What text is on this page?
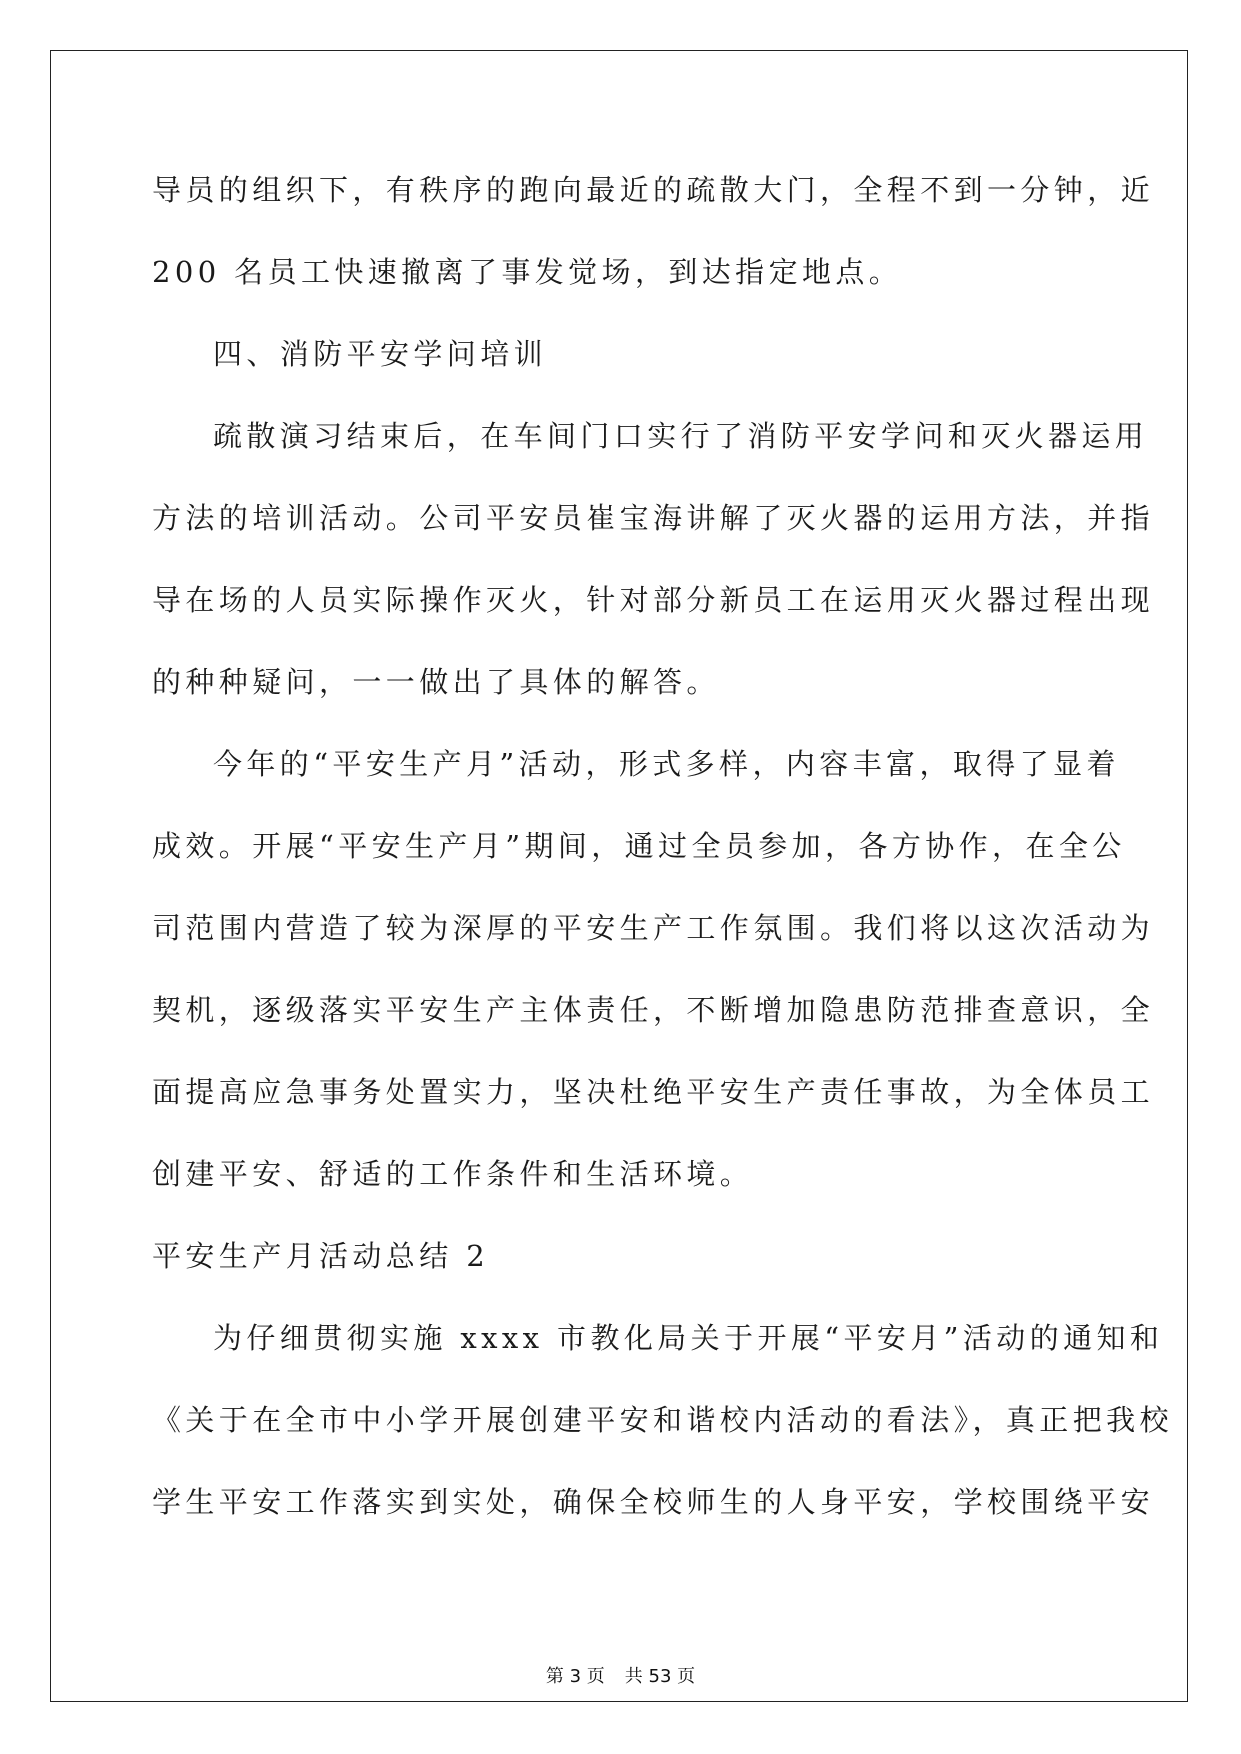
导员的组织下，有秩序的跑向最近的疏散大门，全程不到一分钟，近
200 名员工快速撤离了事发觉场，到达指定地点。
四、消防平安学问培训
疏散演习结束后，在车间门口实行了消防平安学问和灭火器运用
方法的培训活动。公司平安员崔宝海讲解了灭火器的运用方法，并指
导在场的人员实际操作灭火，针对部分新员工在运用灭火器过程出现
的种种疑问，一一做出了具体的解答。
今年的“平安生产月”活动，形式多样，内容丰富，取得了显着
成效。开展“平安生产月”期间，通过全员参加，各方协作，在全公
司范围内营造了较为深厚的平安生产工作氛围。我们将以这次活动为
契机，逐级落实平安生产主体责任，不断增加隐患防范排查意识，全
面提高应急事务处置实力，坚决杜绝平安生产责任事故，为全体员工
创建平安、舒适的工作条件和生活环境。
平安生产月活动总结 2
为仔细贯彻实施 xxxx 市教化局关于开展“平安月”活动的通知和
《关于在全市中小学开展创建平安和谐校内活动的看法》，真正把我校
学生平安工作落实到实处，确保全校师生的人身平安，学校围绕平安
第 3 页 共 53 页
